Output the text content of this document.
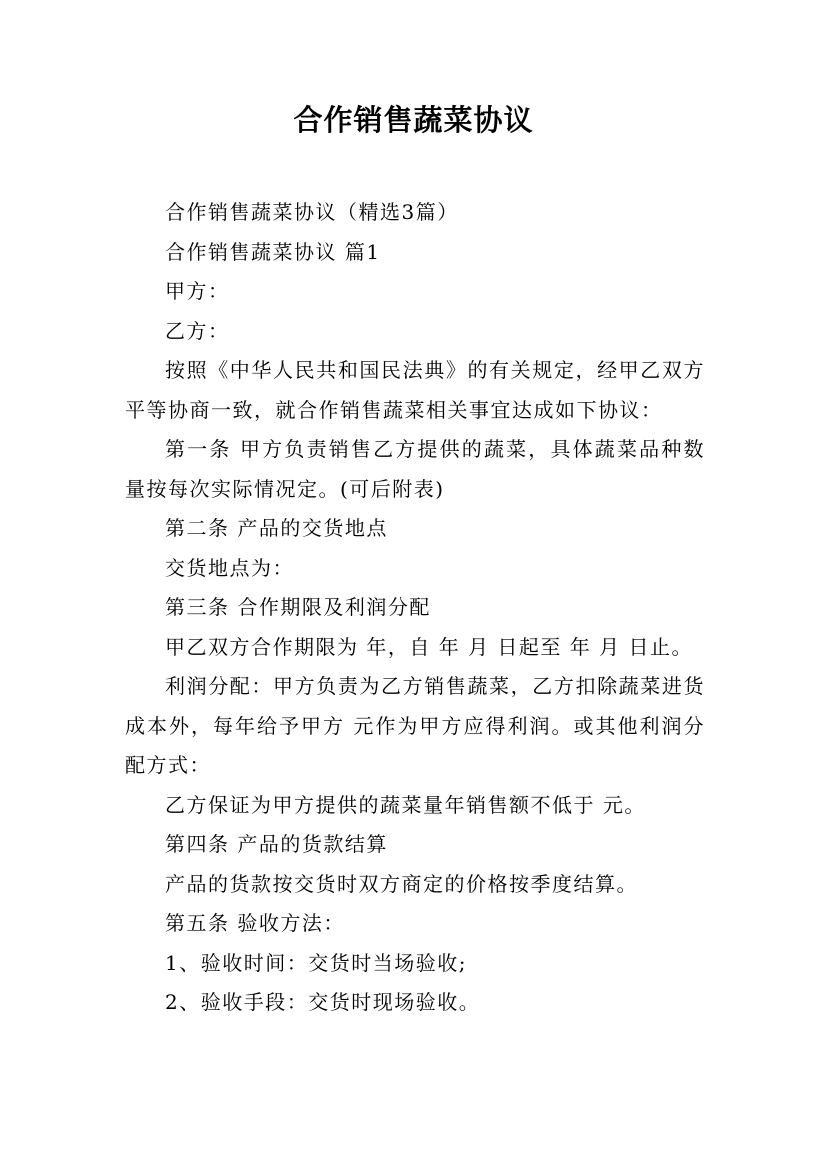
合作销售蔬菜协议

合作销售蔬菜协议（精选3篇）

合作销售蔬菜协议 篇1

甲方：

乙方：

按照《中华人民共和国民法典》的有关规定，经甲乙双方平等协商一致，就合作销售蔬菜相关事宜达成如下协议：

第一条 甲方负责销售乙方提供的蔬菜，具体蔬菜品种数量按每次实际情况定。(可后附表)

第二条 产品的交货地点

交货地点为：

第三条 合作期限及利润分配

甲乙双方合作期限为 年，自 年 月 日起至 年 月 日止。

利润分配：甲方负责为乙方销售蔬菜，乙方扣除蔬菜进货成本外，每年给予甲方 元作为甲方应得利润。或其他利润分配方式：

乙方保证为甲方提供的蔬菜量年销售额不低于 元。

第四条 产品的货款结算

产品的货款按交货时双方商定的价格按季度结算。

第五条 验收方法：

1、验收时间：交货时当场验收;

2、验收手段：交货时现场验收。
